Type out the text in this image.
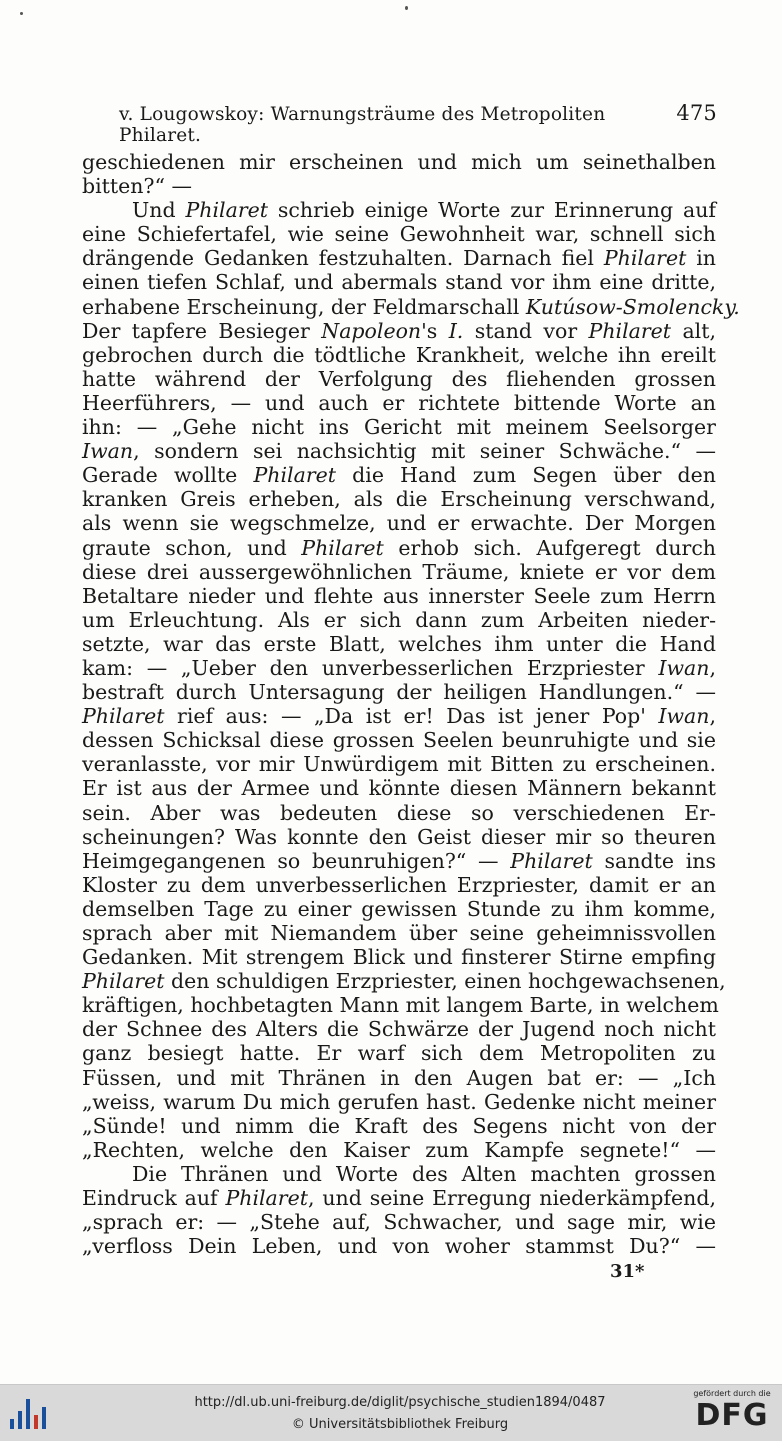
v. Lougowskoy: Warnungsträume des Metropoliten Philaret.
475
geschiedenen mir erscheinen und mich um seinethalben
bitten?“ —
Und Philaret schrieb einige Worte zur Erinnerung auf
eine Schiefertafel, wie seine Gewohnheit war, schnell sich
drängende Gedanken festzuhalten. Darnach fiel Philaret in
einen tiefen Schlaf, und abermals stand vor ihm eine dritte,
erhabene Erscheinung, der Feldmarschall Kutúsow-Smolencky.
Der tapfere Besieger Napoleon's I. stand vor Philaret alt,
gebrochen durch die tödtliche Krankheit, welche ihn ereilt
hatte während der Verfolgung des fliehenden grossen
Heerführers, — und auch er richtete bittende Worte an
ihn: — „Gehe nicht ins Gericht mit meinem Seelsorger
Iwan, sondern sei nachsichtig mit seiner Schwäche.“ —
Gerade wollte Philaret die Hand zum Segen über den
kranken Greis erheben, als die Erscheinung verschwand,
als wenn sie wegschmelze, und er erwachte. Der Morgen
graute schon, und Philaret erhob sich. Aufgeregt durch
diese drei aussergewöhnlichen Träume, kniete er vor dem
Betaltare nieder und flehte aus innerster Seele zum Herrn
um Erleuchtung. Als er sich dann zum Arbeiten nieder-
setzte, war das erste Blatt, welches ihm unter die Hand
kam: — „Ueber den unverbesserlichen Erzpriester Iwan,
bestraft durch Untersagung der heiligen Handlungen.“ —
Philaret rief aus: — „Da ist er! Das ist jener Pop' Iwan,
dessen Schicksal diese grossen Seelen beunruhigte und sie
veranlasste, vor mir Unwürdigem mit Bitten zu erscheinen.
Er ist aus der Armee und könnte diesen Männern bekannt
sein. Aber was bedeuten diese so verschiedenen Er-
scheinungen? Was konnte den Geist dieser mir so theuren
Heimgegangenen so beunruhigen?“ — Philaret sandte ins
Kloster zu dem unverbesserlichen Erzpriester, damit er an
demselben Tage zu einer gewissen Stunde zu ihm komme,
sprach aber mit Niemandem über seine geheimnissvollen
Gedanken. Mit strengem Blick und finsterer Stirne empfing
Philaret den schuldigen Erzpriester, einen hochgewachsenen,
kräftigen, hochbetagten Mann mit langem Barte, in welchem
der Schnee des Alters die Schwärze der Jugend noch nicht
ganz besiegt hatte. Er warf sich dem Metropoliten zu
Füssen, und mit Thränen in den Augen bat er: — „Ich
„weiss, warum Du mich gerufen hast. Gedenke nicht meiner
„Sünde! und nimm die Kraft des Segens nicht von der
„Rechten, welche den Kaiser zum Kampfe segnete!“ —
Die Thränen und Worte des Alten machten grossen
Eindruck auf Philaret, und seine Erregung niederkämpfend,
„sprach er: — „Stehe auf, Schwacher, und sage mir, wie
„verfloss Dein Leben, und von woher stammst Du?“ —
31*
http://dl.ub.uni-freiburg.de/diglit/psychische_studien1894/0487
© Universitätsbibliothek Freiburg
gefördert durch die
DFG
